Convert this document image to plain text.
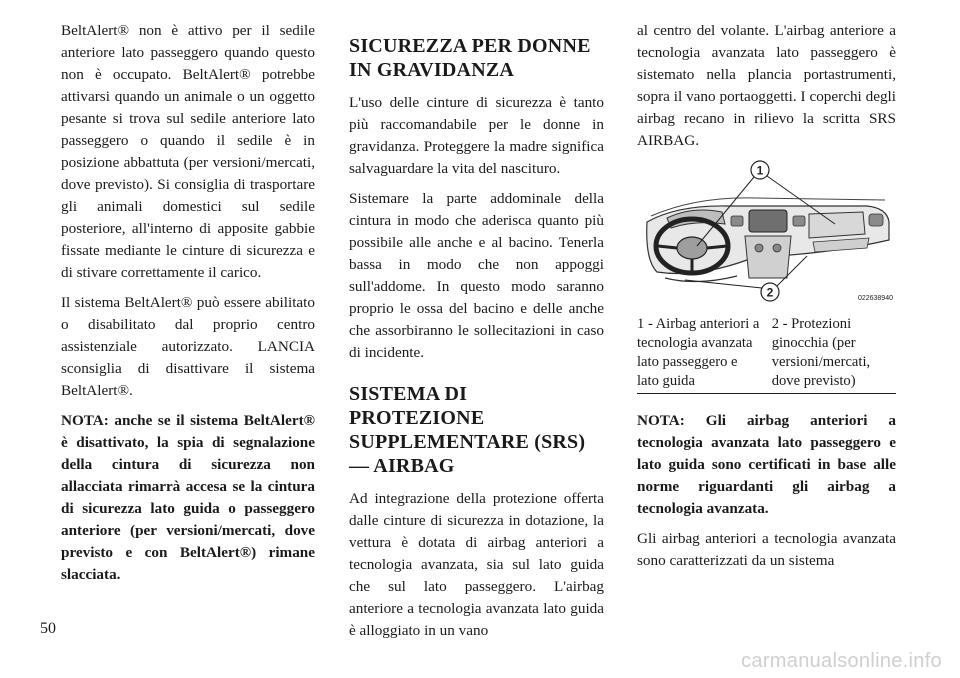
BeltAlert® non è attivo per il sedile anteriore lato passeggero quando questo non è occupato. BeltAlert® potrebbe attivarsi quando un animale o un oggetto pesante si trova sul sedile anteriore lato passeggero o quando il sedile è in posizione abbattuta (per versioni/mercati, dove previsto). Si consiglia di trasportare gli animali domestici sul sedile posteriore, all'interno di apposite gabbie fissate mediante le cinture di sicurezza e di stivare correttamente il carico.

Il sistema BeltAlert® può essere abilitato o disabilitato dal proprio centro assistenziale autorizzato. LANCIA sconsiglia di disattivare il sistema BeltAlert®.

NOTA: anche se il sistema BeltAlert® è disattivato, la spia di segnalazione della cintura di sicurezza non allacciata rimarrà accesa se la cintura di sicurezza lato guida o passeggero anteriore (per versioni/mercati, dove previsto e con BeltAlert®) rimane slacciata.

SICUREZZA PER DONNE IN GRAVIDANZA

L'uso delle cinture di sicurezza è tanto più raccomandabile per le donne in gravidanza. Proteggere la madre significa salvaguardare la vita del nascituro.

Sistemare la parte addominale della cintura in modo che aderisca quanto più possibile alle anche e al bacino. Tenerla bassa in modo che non appoggi sull'addome. In questo modo saranno proprio le ossa del bacino e delle anche che assorbiranno le sollecitazioni in caso di incidente.

SISTEMA DI PROTEZIONE SUPPLEMENTARE (SRS) — AIRBAG

Ad integrazione della protezione offerta dalle cinture di sicurezza in dotazione, la vettura è dotata di airbag anteriori a tecnologia avanzata, sia sul lato guida che sul lato passeggero. L'airbag anteriore a tecnologia avanzata lato guida è alloggiato in un vano

al centro del volante. L'airbag anteriore a tecnologia avanzata lato passeggero è sistemato nella plancia portastrumenti, sopra il vano portaoggetti. I coperchi degli airbag recano in rilievo la scritta SRS AIRBAG.

1
2	022638940
1 - Airbag anteriori a tecnologia avanzata lato passeggero e lato guida
2 - Protezioni ginocchia (per versioni/mercati, dove previsto)

NOTA: Gli airbag anteriori a tecnologia avanzata lato passeggero e lato guida sono certificati in base alle norme riguardanti gli airbag a tecnologia avanzata.

Gli airbag anteriori a tecnologia avanzata sono caratterizzati da un sistema

50
carmanualsonline.info
